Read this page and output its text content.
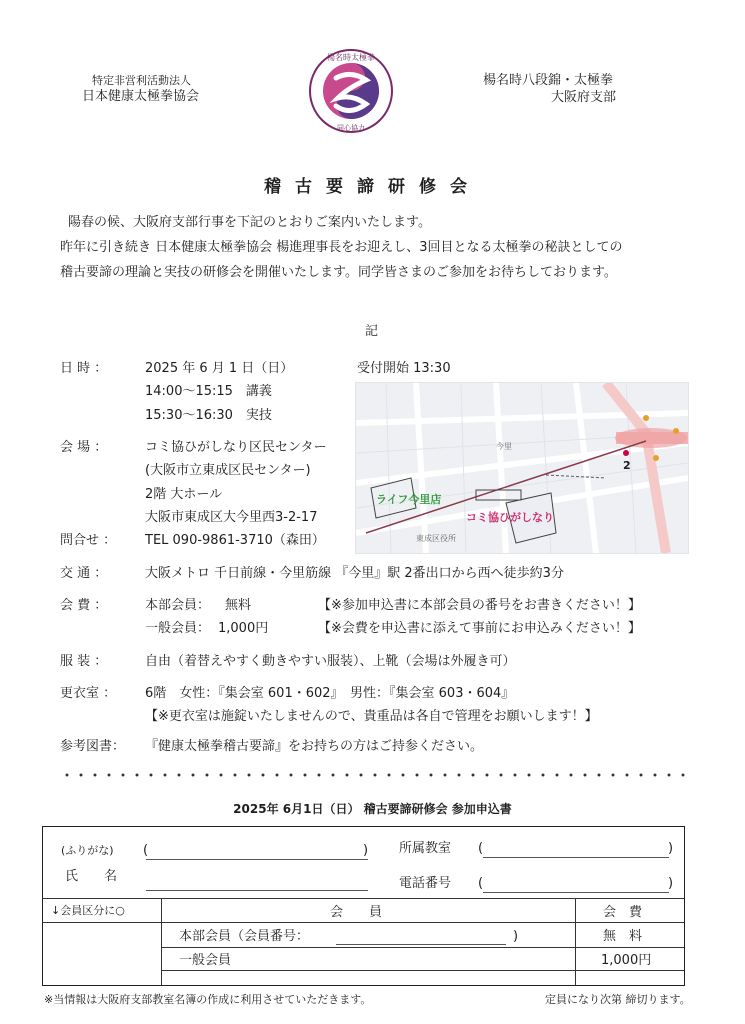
特定非営利活動法人
日本健康太極拳協会
楊名時太極拳
同心協力
楊名時八段錦・太極拳
大阪府支部
稽古要諦研修会

陽春の候、大阪府支部行事を下記のとおりご案内いたします。

昨年に引き続き 日本健康太極拳協会 楊進理事長をお迎えし、3回目となる太極拳の秘訣としての

稽古要諦の理論と実技の研修会を開催いたします。同学皆さまのご参加をお待ちしております。

記
日 時 ：	2025 年 6 月 1 日（日）	受付開始 13:30
14:00～15:15　講義
15:30～16:30　実技
会 場 ：	コミ協ひがしなり区民センター
(大阪市立東成区民センター)
2階 大ホール
大阪市東成区大今里西3-2-17
問合せ ： TEL 090-9861-3710（森田）
交 通 ：	大阪メトロ 千日前線・今里筋線 『今里』駅 2番出口から西へ徒歩約3分
会 費 ：	本部会員： 無料	【※参加申込書に本部会員の番号をお書きください！】
一般会員： 1,000円	【※会費を申込書に添えて事前にお申込みください！】
服 装 ：	自由（着替えやすく動きやすい服装）、上靴（会場は外履き可）
更衣室 ： 6階　女性：『集会室 601・602』　男性：『集会室 603・604』
【※更衣室は施錠いたしませんので、貴重品は各自で管理をお願いします！】
参考図書： 『健康太極拳稽古要諦』をお持ちの方はご持参ください。
ライフ今里店
コミ協ひがしなり
2
今里
東成区役所
2025年 6月1日（日） 稽古要諦研修会 参加申込書
(ふりがな) (	)
氏　　名
所属教室 (	)
電話番号 (	)
↓会員区分に○	会　　員	会　費
本部会員（会員番号：	)	無　料
一般会員	1,000円
※当情報は大阪府支部教室名簿の作成に利用させていただきます。	定員になり次第 締切ります。
